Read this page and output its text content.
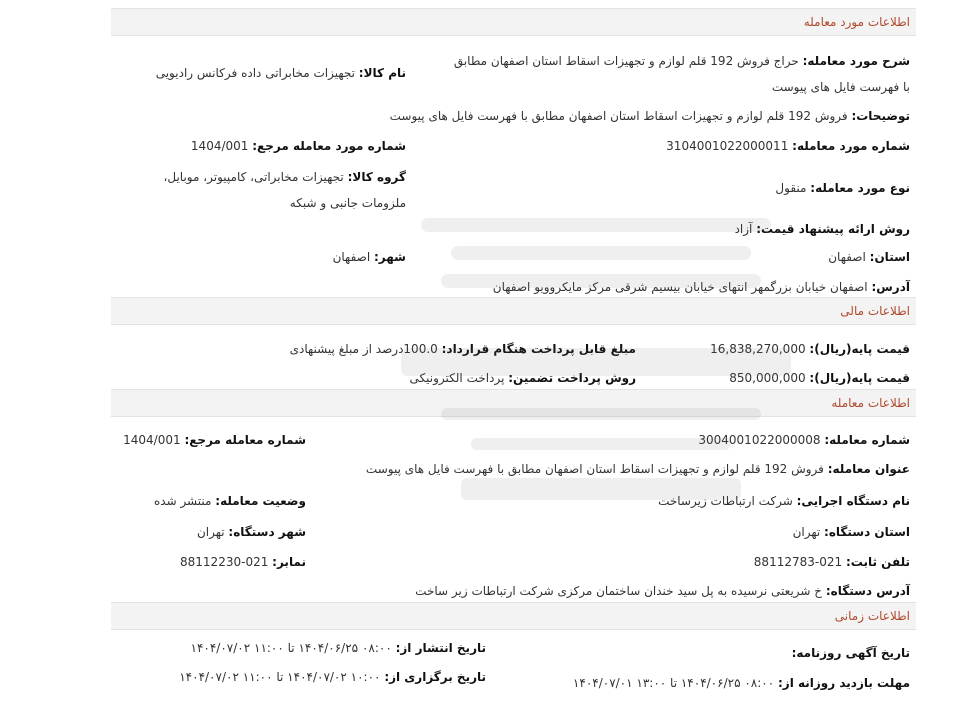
اطلاعات مورد معامله
شرح مورد معامله: حراج فروش 192 قلم لوازم و تجهیزات اسقاط استان اصفهان مطابق با فهرست فایل های پیوست
نام کالا: تجهیزات مخابراتی داده فرکانس رادیویی
توضیحات: فروش 192 قلم لوازم و تجهیزات اسقاط استان اصفهان مطابق با فهرست فایل های پیوست
شماره مورد معامله: 3104001022000011
شماره مورد معامله مرجع: 1404/001
نوع مورد معامله: منقول
گروه کالا: تجهیزات مخابراتی، کامپیوتر، موبایل، ملزومات جانبی و شبکه
روش ارائه پیشنهاد قیمت: آزاد
استان: اصفهان
شهر: اصفهان
آدرس: اصفهان خیابان بزرگمهر انتهای خیابان بیسیم شرقی مرکز مایکروویو اصفهان
اطلاعات مالی
قیمت پایه(ریال): 16,838,270,000
مبلغ قابل پرداخت هنگام قرارداد: 100.0درصد از مبلغ پیشنهادی
قیمت پایه(ریال): 850,000,000
روش پرداخت تضمین: پرداخت الکترونیکی
اطلاعات معامله
شماره معامله: 3004001022000008
شماره معامله مرجع: 1404/001
عنوان معامله: فروش 192 قلم لوازم و تجهیزات اسقاط استان اصفهان مطابق با فهرست فایل های پیوست
نام دستگاه اجرایی: شرکت ارتباطات زیرساخت
وضعیت معامله: منتشر شده
استان دستگاه: تهران
شهر دستگاه: تهران
تلفن ثابت: 021-88112783
نمابر: 021-88112230
آدرس دستگاه: خ شریعتی نرسیده به پل سید خندان ساختمان مرکزی شرکت ارتباطات زیر ساخت
اطلاعات زمانی
تاریخ آگهی روزنامه:
تاریخ انتشار از: ۰۸:۰۰ ۱۴۰۴/۰۶/۲۵ تا ۱۱:۰۰ ۱۴۰۴/۰۷/۰۲
مهلت بازدید روزانه از: ۰۸:۰۰ ۱۴۰۴/۰۶/۲۵ تا ۱۳:۰۰ ۱۴۰۴/۰۷/۰۱
تاریخ برگزاری از: ۱۰:۰۰ ۱۴۰۴/۰۷/۰۲ تا ۱۱:۰۰ ۱۴۰۴/۰۷/۰۲
